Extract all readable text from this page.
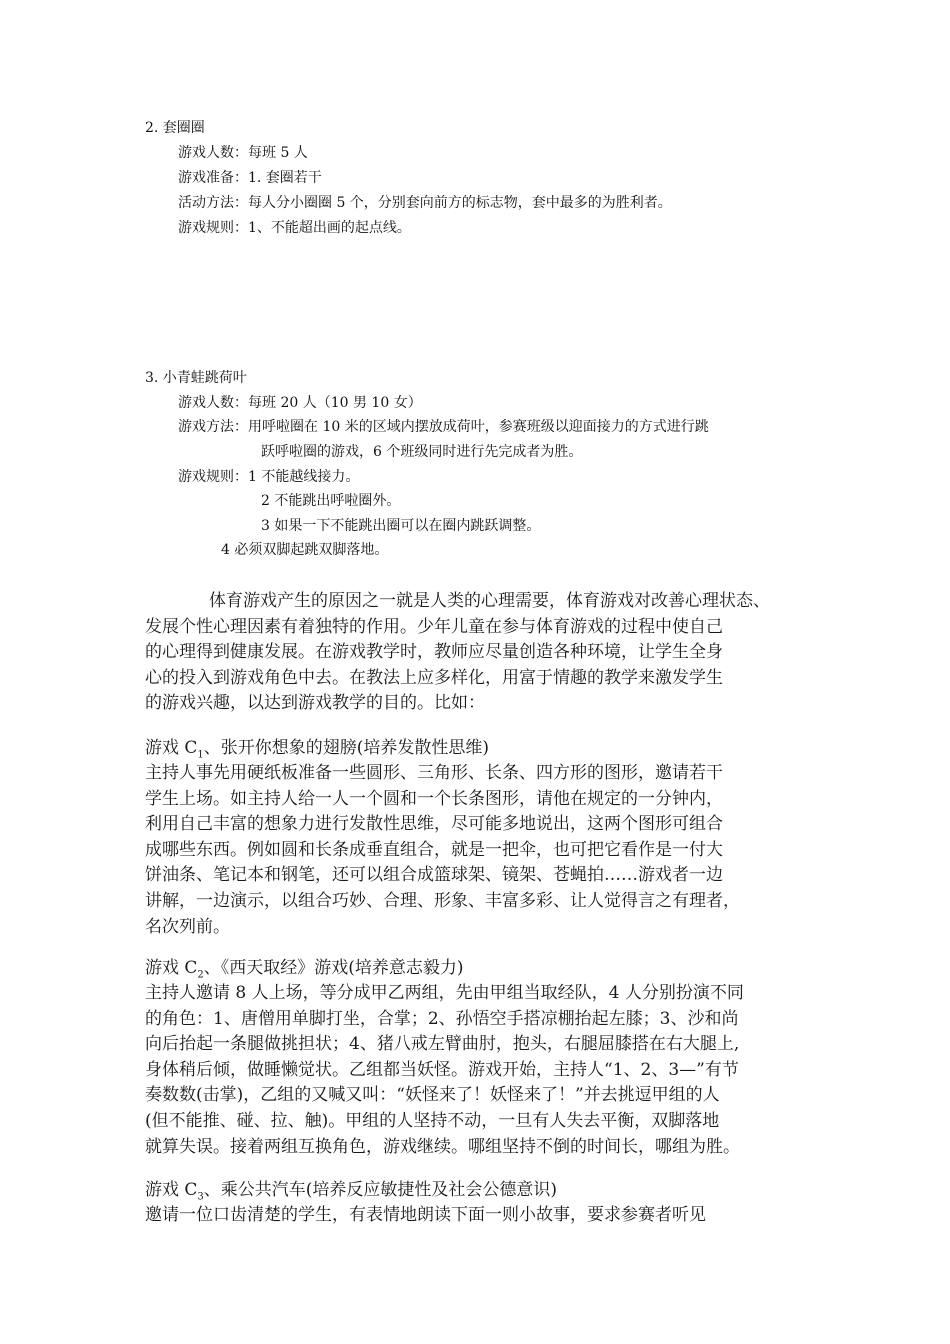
2. 套圈圈
游戏人数：每班 5 人
游戏准备：1. 套圈若干
活动方法：每人分小圈圈 5 个，分别套向前方的标志物，套中最多的为胜利者。
游戏规则：1、不能超出画的起点线。
3. 小青蛙跳荷叶
游戏人数：每班 20 人（10 男 10 女）
游戏方法：用呼啦圈在 10 米的区域内摆放成荷叶，参赛班级以迎面接力的方式进行跳
跃呼啦圈的游戏，6 个班级同时进行先完成者为胜。
游戏规则：1 不能越线接力。
2 不能跳出呼啦圈外。
3 如果一下不能跳出圈可以在圈内跳跃调整。
4 必须双脚起跳双脚落地。
体育游戏产生的原因之一就是人类的心理需要，体育游戏对改善心理状态、
发展个性心理因素有着独特的作用。少年儿童在参与体育游戏的过程中使自己
的心理得到健康发展。在游戏教学时，教师应尽量创造各种环境，让学生全身
心的投入到游戏角色中去。在教法上应多样化，用富于情趣的教学来激发学生
的游戏兴趣，以达到游戏教学的目的。比如：
游戏 $C_1$、张开你想象的翅膀(培养发散性思维)
主持人事先用硬纸板准备一些圆形、三角形、长条、四方形的图形，邀请若干
学生上场。如主持人给一人一个圆和一个长条图形，请他在规定的一分钟内，
利用自己丰富的想象力进行发散性思维，尽可能多地说出，这两个图形可组合
成哪些东西。例如圆和长条成垂直组合，就是一把伞，也可把它看作是一付大
饼油条、笔记本和钢笔，还可以组合成篮球架、镜架、苍蝇拍……游戏者一边
讲解，一边演示，以组合巧妙、合理、形象、丰富多彩、让人觉得言之有理者，
名次列前。
游戏 $C_2$、《西天取经》游戏(培养意志毅力)
主持人邀请 8 人上场，等分成甲乙两组，先由甲组当取经队，4 人分别扮演不同
的角色：1、唐僧用单脚打坐，合掌；2、孙悟空手搭凉棚抬起左膝；3、沙和尚
向后抬起一条腿做挑担状；4、猪八戒左臂曲肘，抱头，右腿屈膝搭在右大腿上,
身体稍后倾，做睡懒觉状。乙组都当妖怪。游戏开始，主持人“1、2、3—”有节
奏数数(击掌)，乙组的又喊又叫：“妖怪来了！妖怪来了！”并去挑逗甲组的人
(但不能推、碰、拉、触)。甲组的人坚持不动，一旦有人失去平衡，双脚落地
就算失误。接着两组互换角色，游戏继续。哪组坚持不倒的时间长，哪组为胜。
游戏 $C_3$、乘公共汽车(培养反应敏捷性及社会公德意识)
邀请一位口齿清楚的学生，有表情地朗读下面一则小故事，要求参赛者听见
